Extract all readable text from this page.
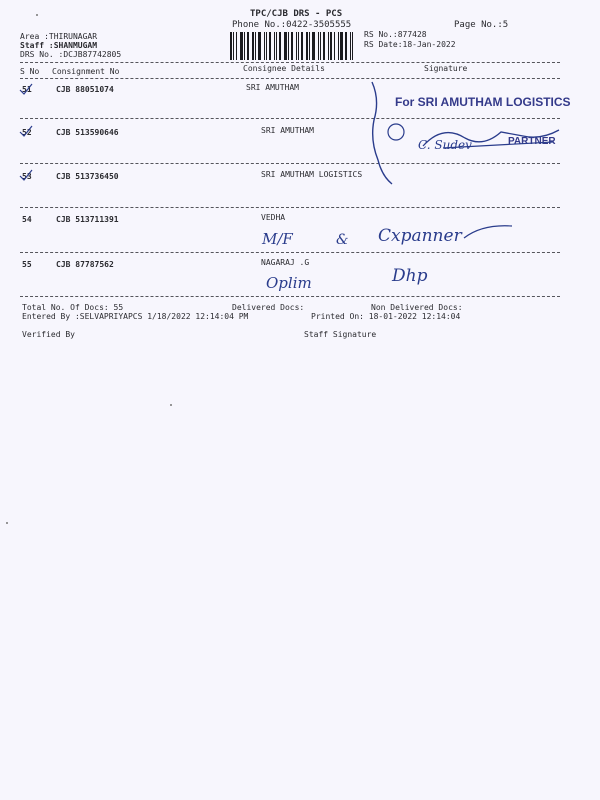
TPC/CJB DRS - PCS
Phone No.:0422-3505555	Page No.:5
Area :THIRUNAGAR
Staff :SHANMUGAM
DRS No. :DCJB87742805
RS No.:877428
RS Date:18-Jan-2022
S No Consignment No	Consignee Details	Signature
51	CJB 88051074	SRI AMUTHAM
52	CJB 513590646	SRI AMUTHAM
53	CJB 513736450	SRI AMUTHAM LOGISTICS
54	CJB 513711391	VEDHA
55	CJB 87787562	NAGARAJ .G
Total No. Of Docs: 55	Delivered Docs:	Non Delivered Docs:
Entered By :SELVAPRIYAPCS 1/18/2022 12:14:04 PM	Printed On: 18-01-2022 12:14:04
Verified By	Staff Signature
For SRI AMUTHAM LOGISTICS
PARTNER
C. Sudev
M/F	& Cxpanner
Oplim	Dhp
